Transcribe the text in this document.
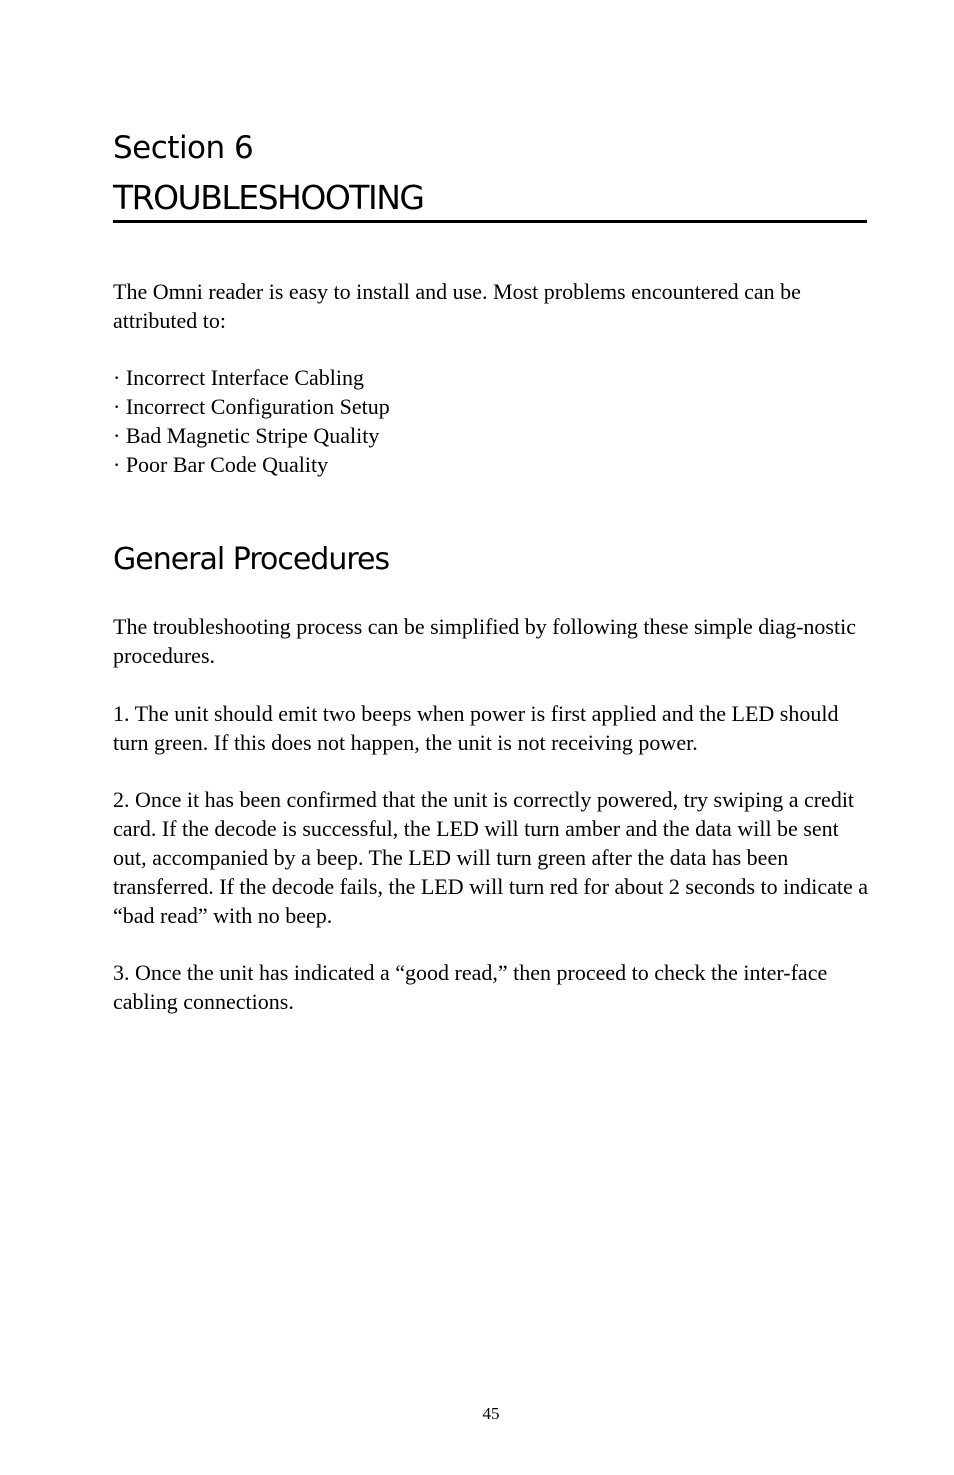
Section 6
TROUBLESHOOTING

The Omni reader is easy to install and use. Most problems encountered can be attributed to:

· Incorrect Interface Cabling
· Incorrect Configuration Setup
· Bad Magnetic Stripe Quality
· Poor Bar Code Quality
General Procedures

The troubleshooting process can be simplified by following these simple diag-nostic procedures.

1. The unit should emit two beeps when power is first applied and the LED should turn green. If this does not happen, the unit is not receiving power.

2. Once it has been confirmed that the unit is correctly powered, try swiping a credit card. If the decode is successful, the LED will turn amber and the data will be sent out, accompanied by a beep. The LED will turn green after the data has been transferred. If the decode fails, the LED will turn red for about 2 seconds to indicate a “bad read” with no beep.

3. Once the unit has indicated a “good read,” then proceed to check the inter-face cabling connections.

45
